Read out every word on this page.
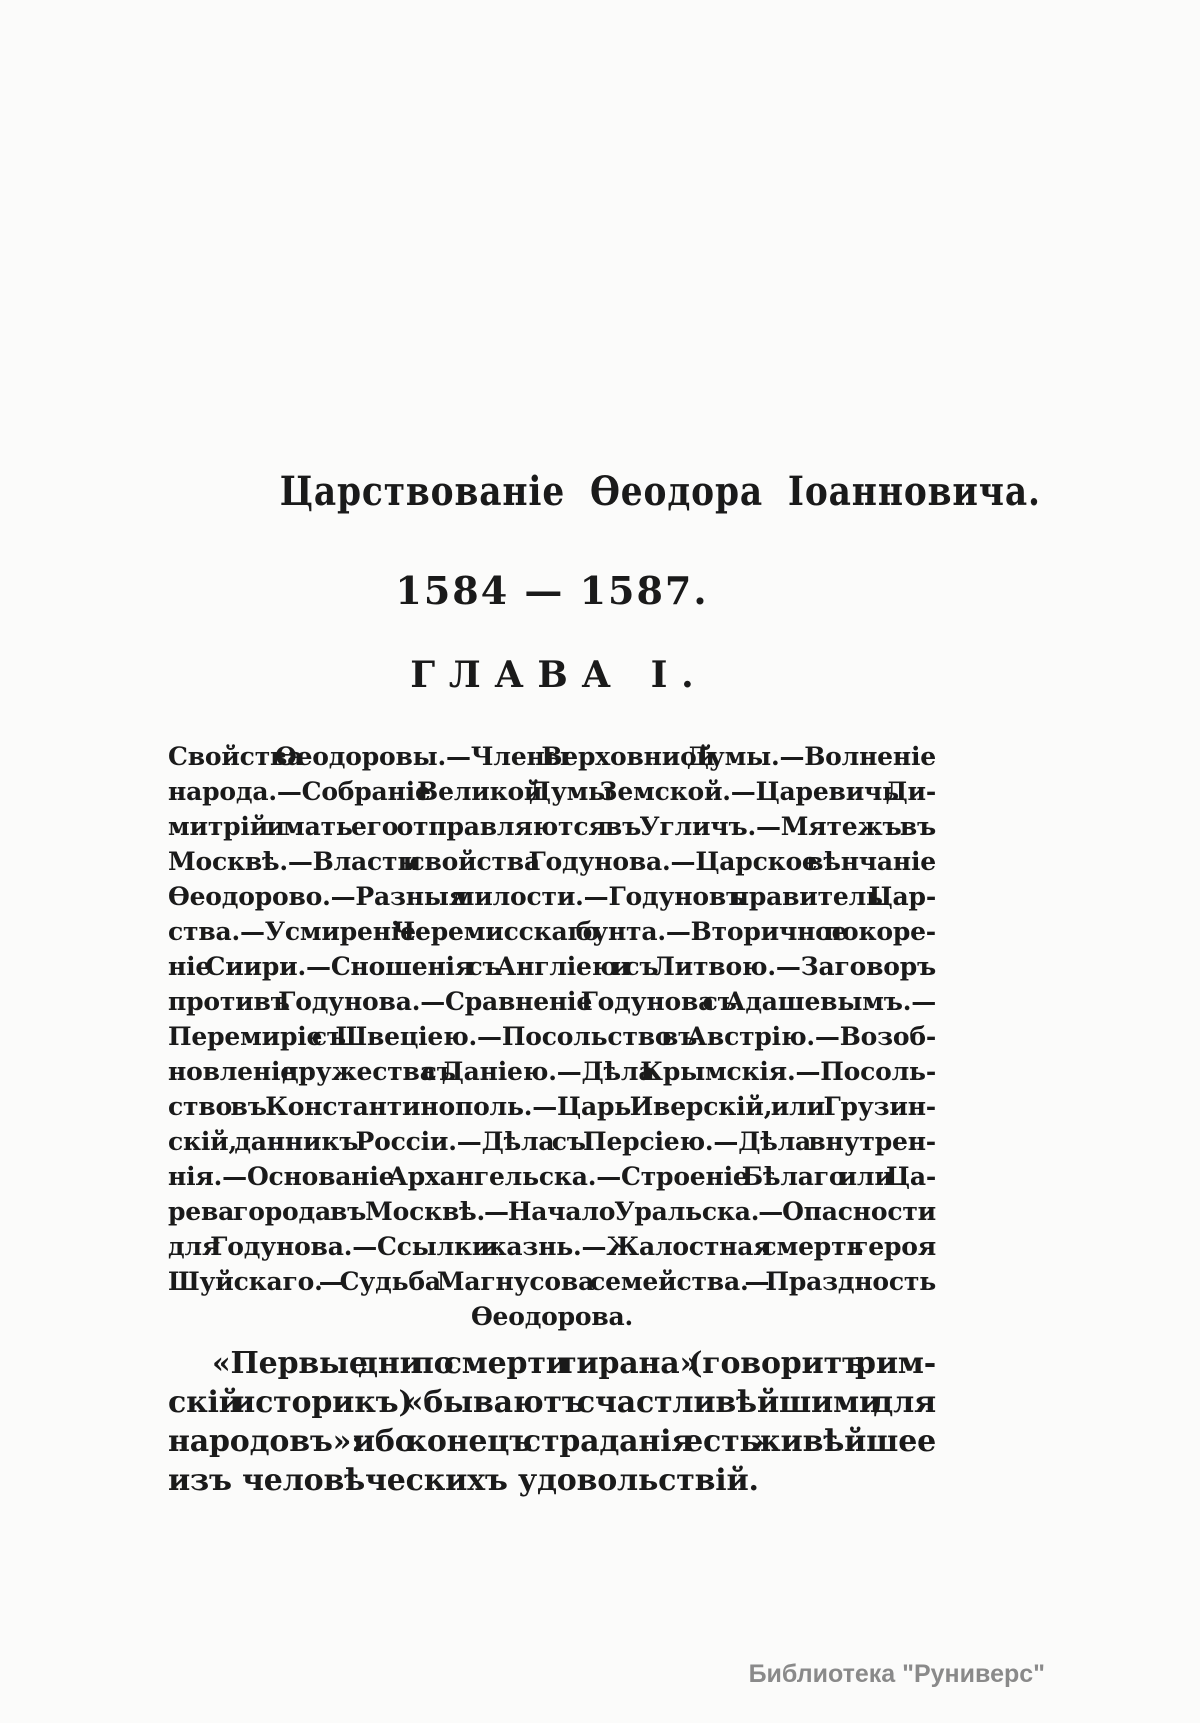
Царствованіе Ѳеодора Іоанновича.
1584 — 1587.
ГЛАВА I.
Свойства Ѳеодоровы.—Члены Верховниой Думы.—Волненіе
народа.—Собраніе Великой Думы Земской.—Царевичь Ди-
митрій и мать его отправляются въ Угличъ.—Мятежъ въ
Москвѣ.—Власть и свойства Годунова.—Царское вѣнчаніе
Ѳеодорово.—Разныя милости.—Годуновъ правитель Цар-
ства.—Усмиреніе Черемисскаго бунта.—Вторичное покоре-
ніе Сиири.—Сношенія съ Англіею и съ Литвою.—Заговоръ
противъ Годунова.—Сравненіе Годунова съ Адашевымъ.—
Перемиріе съ Швеціею.—Посольство въ Австрію.—Возоб-
новленіе дружества съ Даніею.—Дѣла Крымскія.—Посоль-
ство въ Константинополь.—Царь Иверскій, или Грузин-
скій, данникъ Россіи.—Дѣла съ Персіею.—Дѣла внутрен-
нія.—Основаніе Архангельска.—Строеніе Бѣлаго или Ца-
рева города въ Москвѣ. — Начало Уральска. — Опасности
для Годунова.—Ссылки и казнь.—Жалостная смерть героя
Шуйскаго. — Судьба Магнусова семейства. — Праздность
Ѳеодорова.
«Первые дни по смерти тирана» (говоритъ рим-
скій историкъ) «бываютъ счастливѣйшими для
народовъ»: ибо конецъ страданія есть живѣйшее
изъ человѣческихъ удовольствій.
Библиотека "Руниверс"
